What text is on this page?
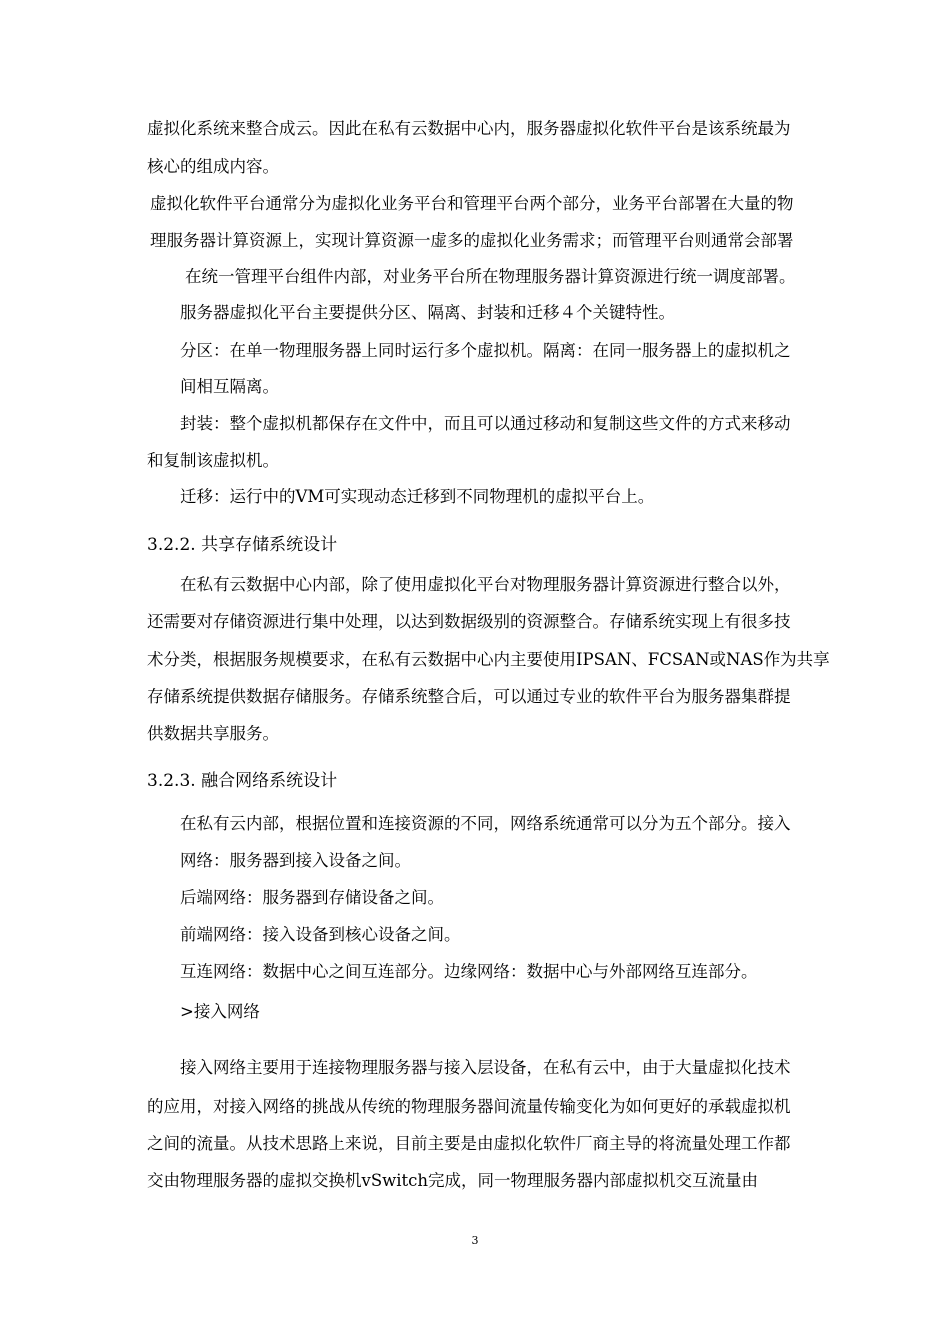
虚拟化系统来整合成云。因此在私有云数据中心内，服务器虚拟化软件平台是该系统最为

核心的组成内容。

虚拟化软件平台通常分为虚拟化业务平台和管理平台两个部分，业务平台部署在大量的物

理服务器计算资源上，实现计算资源一虚多的虚拟化业务需求；而管理平台则通常会部署

在统一管理平台组件内部，对业务平台所在物理服务器计算资源进行统一调度部署。

服务器虚拟化平台主要提供分区、隔离、封装和迁移４个关键特性。

分区：在单一物理服务器上同时运行多个虚拟机。隔离：在同一服务器上的虚拟机之

间相互隔离。

封装：整个虚拟机都保存在文件中，而且可以通过移动和复制这些文件的方式来移动

和复制该虚拟机。

迁移：运行中的VM可实现动态迁移到不同物理机的虚拟平台上。

3.2.2. 共享存储系统设计

在私有云数据中心内部，除了使用虚拟化平台对物理服务器计算资源进行整合以外，

还需要对存储资源进行集中处理，以达到数据级别的资源整合。存储系统实现上有很多技

术分类，根据服务规模要求，在私有云数据中心内主要使用IPSAN、FCSAN或NAS作为共享

存储系统提供数据存储服务。存储系统整合后，可以通过专业的软件平台为服务器集群提

供数据共享服务。

3.2.3. 融合网络系统设计

在私有云内部，根据位置和连接资源的不同，网络系统通常可以分为五个部分。接入

网络：服务器到接入设备之间。

后端网络：服务器到存储设备之间。

前端网络：接入设备到核心设备之间。

互连网络：数据中心之间互连部分。边缘网络：数据中心与外部网络互连部分。

>接入网络

接入网络主要用于连接物理服务器与接入层设备，在私有云中，由于大量虚拟化技术

的应用，对接入网络的挑战从传统的物理服务器间流量传输变化为如何更好的承载虚拟机

之间的流量。从技术思路上来说，目前主要是由虚拟化软件厂商主导的将流量处理工作都

交由物理服务器的虚拟交换机vSwitch完成，同一物理服务器内部虚拟机交互流量由

3
